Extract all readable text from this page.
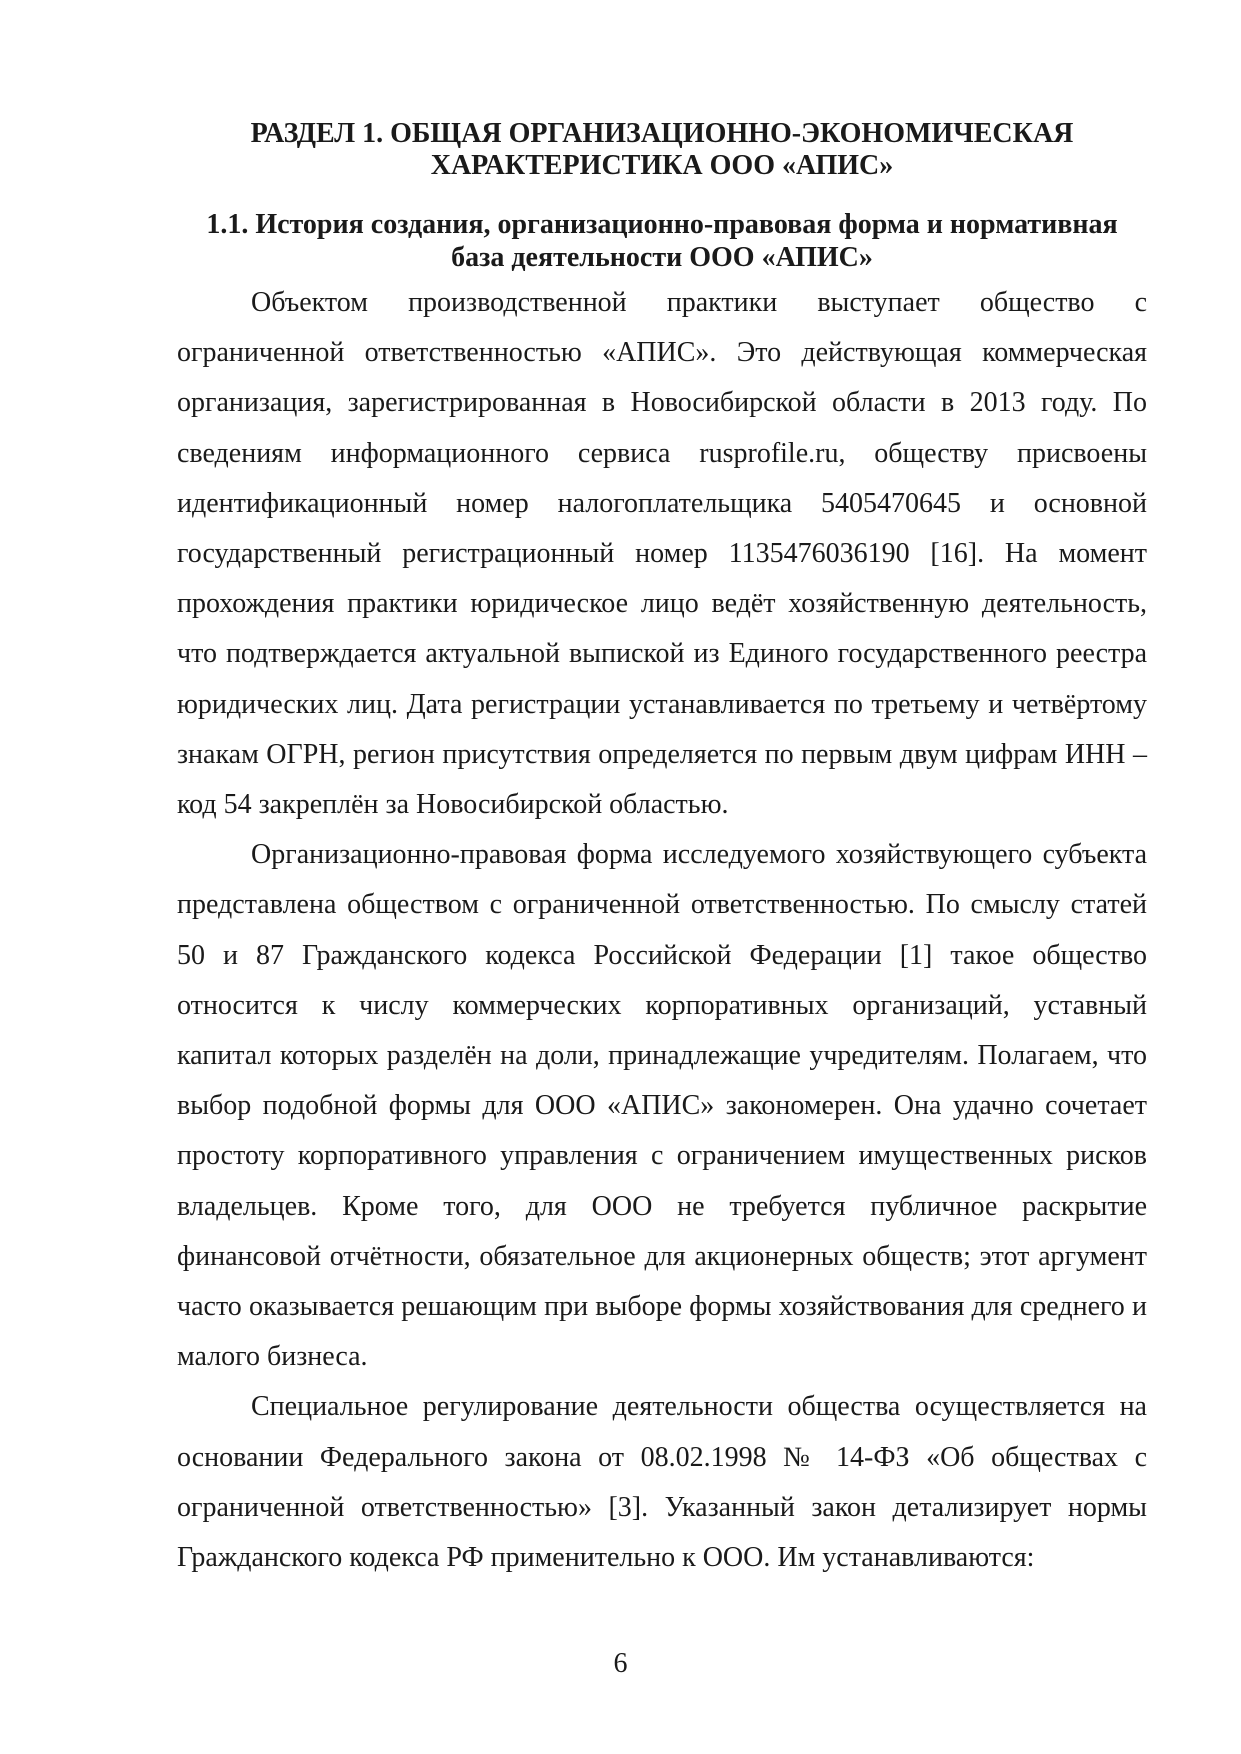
РАЗДЕЛ 1. ОБЩАЯ ОРГАНИЗАЦИОННО-ЭКОНОМИЧЕСКАЯ
ХАРАКТЕРИСТИКА ООО «АПИС»
1.1. История создания, организационно-правовая форма и нормативная
база деятельности ООО «АПИС»

Объектом производственной практики выступает общество с ограниченной ответственностью «АПИС». Это действующая коммерческая организация, зарегистрированная в Новосибирской области в 2013 году. По сведениям информационного сервиса rusprofile.ru, обществу присвоены идентификационный номер налогоплательщика 5405470645 и основной государственный регистрационный номер 1135476036190 [16]. На момент прохождения практики юридическое лицо ведёт хозяйственную деятельность, что подтверждается актуальной выпиской из Единого государственного реестра юридических лиц. Дата регистрации устанавливается по третьему и четвёртому знакам ОГРН, регион присутствия определяется по первым двум цифрам ИНН – код 54 закреплён за Новосибирской областью.

Организационно-правовая форма исследуемого хозяйствующего субъекта представлена обществом с ограниченной ответственностью. По смыслу статей 50 и 87 Гражданского кодекса Российской Федерации [1] такое общество относится к числу коммерческих корпоративных организаций, уставный капитал которых разделён на доли, принадлежащие учредителям. Полагаем, что выбор подобной формы для ООО «АПИС» закономерен. Она удачно сочетает простоту корпоративного управления с ограничением имущественных рисков владельцев. Кроме того, для ООО не требуется публичное раскрытие финансовой отчётности, обязательное для акционерных обществ; этот аргумент часто оказывается решающим при выборе формы хозяйствования для среднего и малого бизнеса.

Специальное регулирование деятельности общества осуществляется на основании Федерального закона от 08.02.1998 № 14-ФЗ «Об обществах с ограниченной ответственностью» [3]. Указанный закон детализирует нормы Гражданского кодекса РФ применительно к ООО. Им устанавливаются:

6
